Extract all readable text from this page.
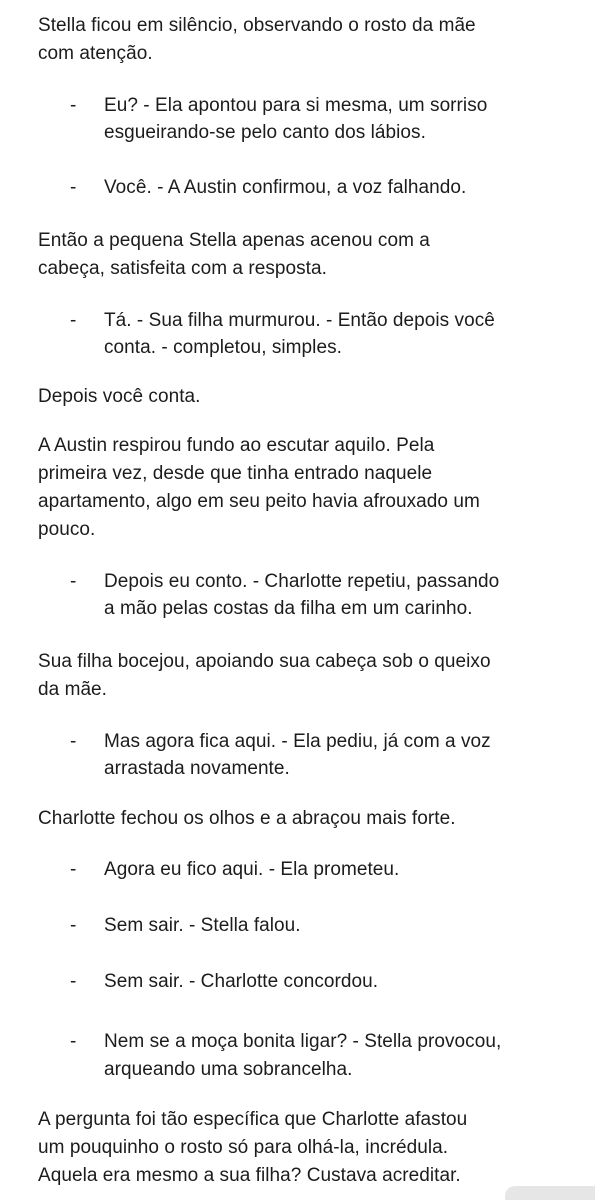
Stella ficou em silêncio, observando o rosto da mãe
com atenção.
- Eu? - Ela apontou para si mesma, um sorriso
esgueirando-se pelo canto dos lábios.
- Você. - A Austin confirmou, a voz falhando.
Então a pequena Stella apenas acenou com a
cabeça, satisfeita com a resposta.
- Tá. - Sua filha murmurou. - Então depois você
conta. - completou, simples.
Depois você conta.
A Austin respirou fundo ao escutar aquilo. Pela
primeira vez, desde que tinha entrado naquele
apartamento, algo em seu peito havia afrouxado um
pouco.
- Depois eu conto. - Charlotte repetiu, passando
a mão pelas costas da filha em um carinho.
Sua filha bocejou, apoiando sua cabeça sob o queixo
da mãe.
- Mas agora fica aqui. - Ela pediu, já com a voz
arrastada novamente.
Charlotte fechou os olhos e a abraçou mais forte.
- Agora eu fico aqui. - Ela prometeu.
- Sem sair. - Stella falou.
- Sem sair. - Charlotte concordou.
- Nem se a moça bonita ligar? - Stella provocou,
arqueando uma sobrancelha.
A pergunta foi tão específica que Charlotte afastou
um pouquinho o rosto só para olhá-la, incrédula.
Aquela era mesmo a sua filha? Custava acreditar.
